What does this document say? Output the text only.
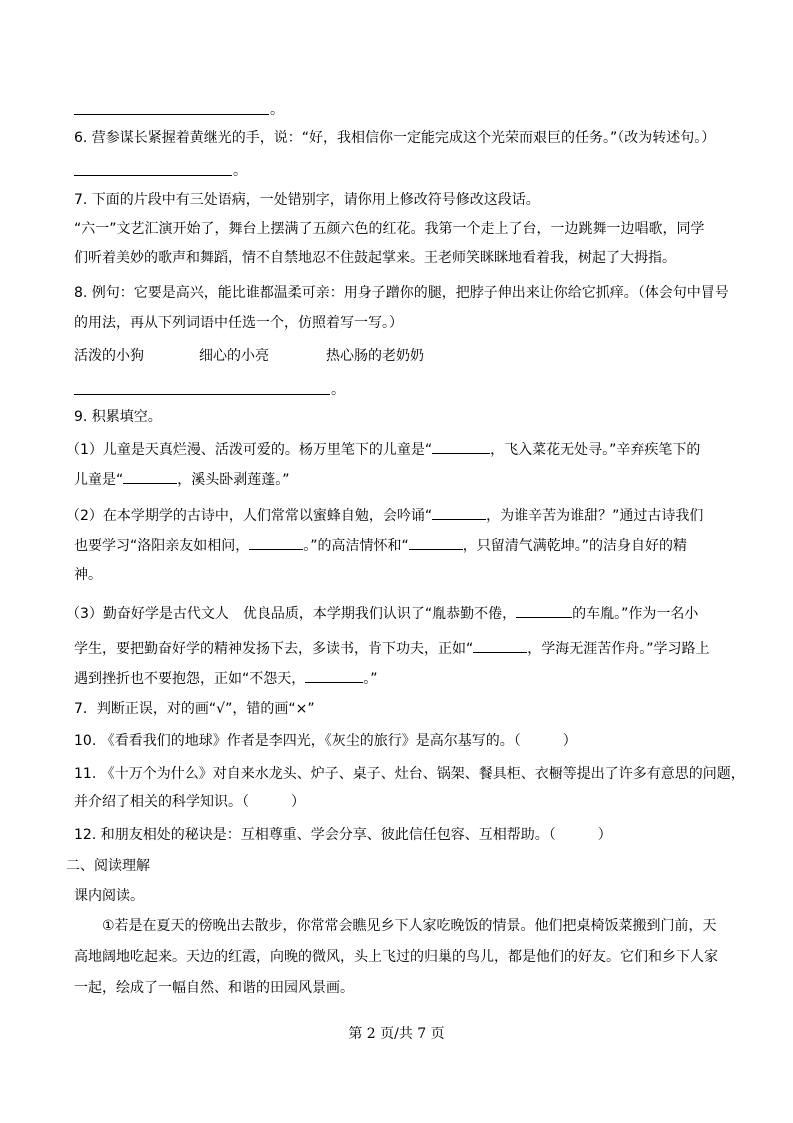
。
6. 营参谋长紧握着黄继光的手，说：“好，我相信你一定能完成这个光荣而艰巨的任务。”（改为转述句。）
。
7. 下面的片段中有三处语病，一处错别字，请你用上修改符号修改这段话。
“六一”文艺汇演开始了，舞台上摆满了五颜六色的红花。我第一个走上了台，一边跳舞一边唱歌，同学
们听着美妙的歌声和舞蹈，情不自禁地忍不住鼓起掌来。王老师笑眯眯地看着我，树起了大拇指。
8. 例句：它要是高兴，能比谁都温柔可亲：用身子蹭你的腿，把脖子伸出来让你给它抓痒。（体会句中冒号
的用法，再从下列词语中任选一个，仿照着写一写。）
活泼的小狗	细心的小亮	热心肠的老奶奶
。
9. 积累填空。
（1）儿童是天真烂漫、活泼可爱的。杨万里笔下的儿童是“	，飞入菜花无处寻。”辛弃疾笔下的
儿童是“	，溪头卧剥莲蓬。”
（2）在本学期学的古诗中，人们常常以蜜蜂自勉，会吟诵“	，为谁辛苦为谁甜？”通过古诗我们
也要学习“洛阳亲友如相问，	。”的高洁情怀和“	，只留清气满乾坤。”的洁身自好的精
神。
（3）勤奋好学是古代文人　优良品质，本学期我们认识了“胤恭勤不倦，	的车胤。”作为一名小
学生，要把勤奋好学的精神发扬下去，多读书，肯下功夫，正如“	，学海无涯苦作舟。”学习路上
遇到挫折也不要抱怨，正如“不怨天，	。”
7．判断正误，对的画“√”，错的画“×”
10. 《看看我们的地球》作者是李四光，《灰尘的旅行》是高尔基写的。（　　　）
11. 《十万个为什么》对自来水龙头、炉子、桌子、灶台、锅架、餐具柜、衣橱等提出了许多有意思的问题，
并介绍了相关的科学知识。（　　　）
12. 和朋友相处的秘诀是：互相尊重、学会分享、彼此信任包容、互相帮助。（　　　）
二、阅读理解
课内阅读。
①若是在夏天的傍晚出去散步，你常常会瞧见乡下人家吃晚饭的情景。他们把桌椅饭菜搬到门前，天
高地阔地吃起来。天边的红霞，向晚的微风，头上飞过的归巢的鸟儿，都是他们的好友。它们和乡下人家
一起，绘成了一幅自然、和谐的田园风景画。
第 2 页/共 7 页
